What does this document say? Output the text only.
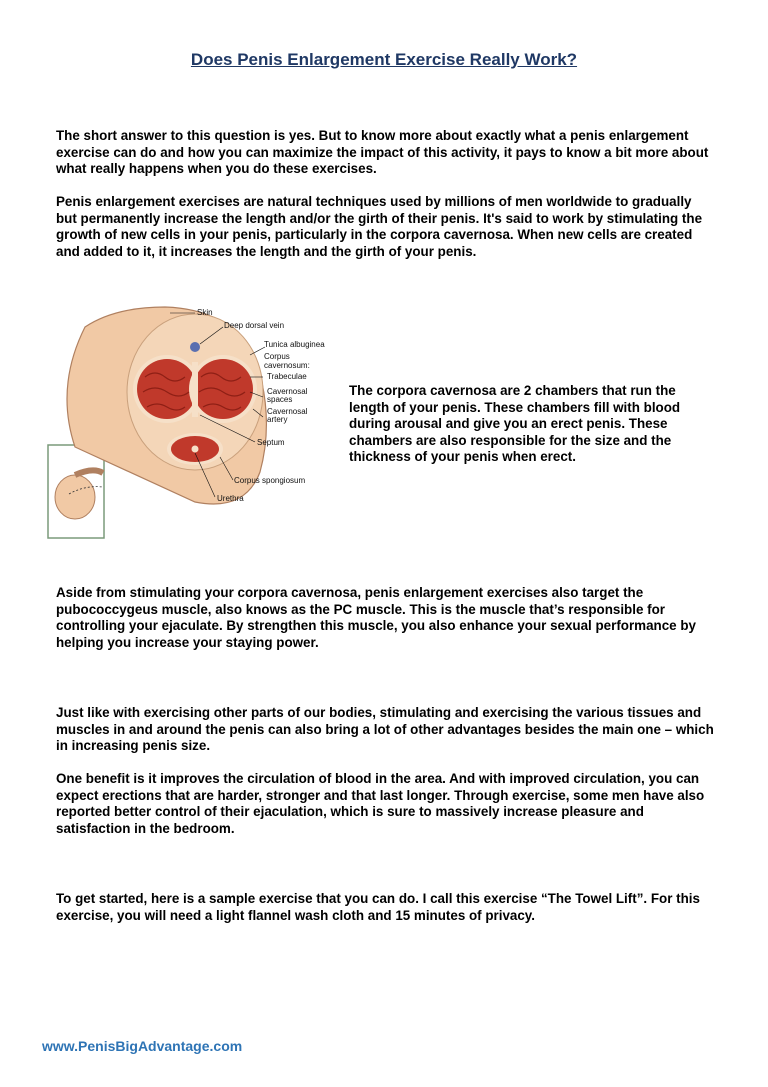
Does Penis Enlargement Exercise Really Work?

The short answer to this question is yes. But to know more about exactly what a penis enlargement exercise can do and how you can maximize the impact of this activity, it pays to know a bit more about what really happens when you do these exercises.

Penis enlargement exercises are natural techniques used by millions of men worldwide to gradually but permanently increase the length and/or the girth of their penis. It's said to work by stimulating the growth of new cells in your penis, particularly in the corpora cavernosa. When new cells are created and added to it, it increases the length and the girth of your penis.

Skin
Deep dorsal vein
Tunica albuginea
Corpus
cavernosum:
Trabeculae
Cavernosal
spaces
Cavernosal
artery
Septum
Corpus spongiosum
Urethra

The corpora cavernosa are 2 chambers that run the length of your penis. These chambers fill with blood during arousal and give you an erect penis. These chambers are also responsible for the size and the thickness of your penis when erect.

Aside from stimulating your corpora cavernosa, penis enlargement exercises also target the pubococcygeus muscle, also knows as the PC muscle. This is the muscle that’s responsible for controlling your ejaculate. By strengthen this muscle, you also enhance your sexual performance by helping you increase your staying power.

Just like with exercising other parts of our bodies, stimulating and exercising the various tissues and muscles in and around the penis can also bring a lot of other advantages besides the main one – which in increasing penis size.

One benefit is it improves the circulation of blood in the area. And with improved circulation, you can expect erections that are harder, stronger and that last longer. Through exercise, some men have also reported better control of their ejaculation, which is sure to massively increase pleasure and satisfaction in the bedroom.

To get started, here is a sample exercise that you can do. I call this exercise “The Towel Lift”. For this exercise, you will need a light flannel wash cloth and 15 minutes of privacy.

www.PenisBigAdvantage.com
